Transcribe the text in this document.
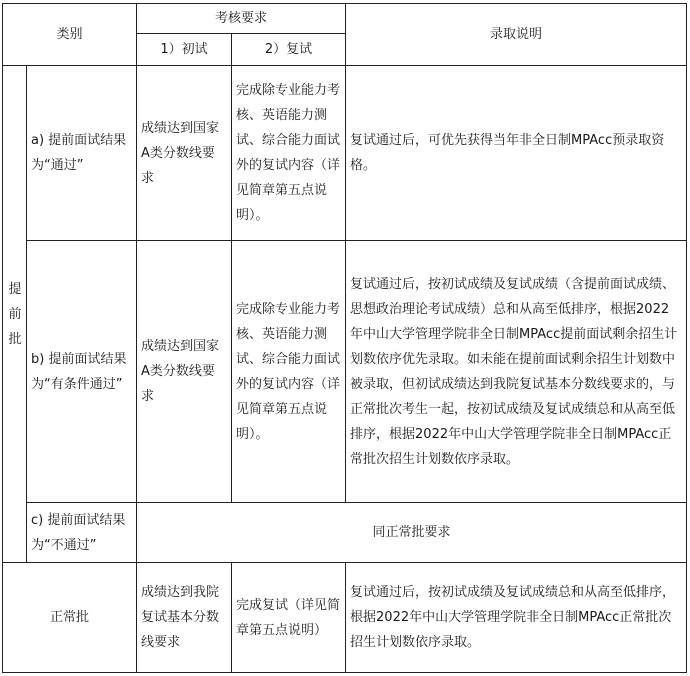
类别		考核要求		录取说明
		1）初试	2）复试	

提前批	a) 提前面试结果为“通过”	成绩达到国家A类分数线要求	完成除专业能力考核、英语能力测试、综合能力面试外的复试内容（详见简章第五点说明）。	复试通过后，可优先获得当年非全日制MPAcc预录取资格。
	b) 提前面试结果为“有条件通过”	成绩达到国家A类分数线要求	完成除专业能力考核、英语能力测试、综合能力面试外的复试内容（详见简章第五点说明）。	复试通过后，按初试成绩及复试成绩（含提前面试成绩、思想政治理论考试成绩）总和从高至低排序，根据2022年中山大学管理学院非全日制MPAcc提前面试剩余招生计划数依序优先录取。如未能在提前面试剩余招生计划数中被录取，但初试成绩达到我院复试基本分数线要求的，与正常批次考生一起，按初试成绩及复试成绩总和从高至低排序，根据2022年中山大学管理学院非全日制MPAcc正常批次招生计划数依序录取。
	c) 提前面试结果为“不通过”	同正常批要求		
正常批		成绩达到我院复试基本分数线要求	完成复试（详见简章第五点说明）	复试通过后，按初试成绩及复试成绩总和从高至低排序，根据2022年中山大学管理学院非全日制MPAcc正常批次招生计划数依序录取。
